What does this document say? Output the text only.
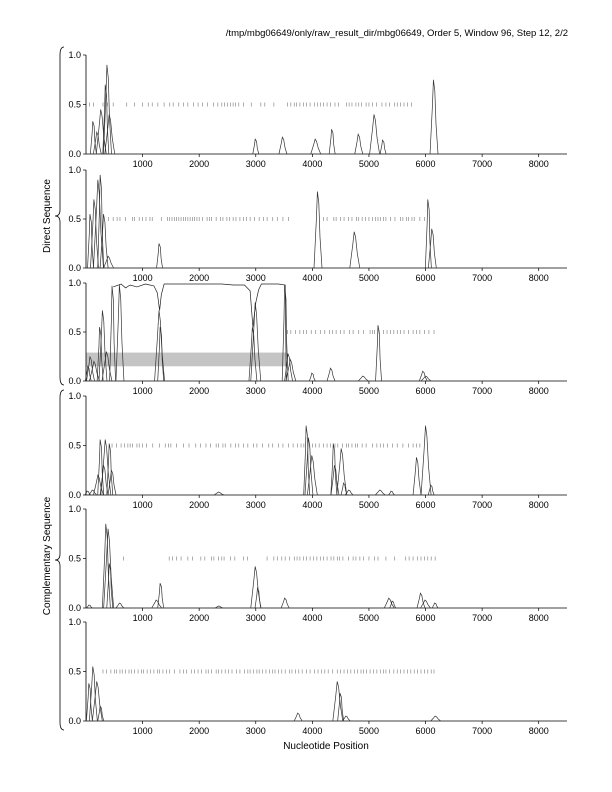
/tmp/mbg06649/only/raw_result_dir/mbg06649, Order 5, Window 96, Step 12, 2/2
0.0
0.5
1.0
1000	2000	3000	4000	5000	6000	7000	8000
0.0
0.5
1.0
1000	2000	3000	4000	5000	6000	7000	8000
0.0
0.5
1.0
1000	2000	3000	4000	5000	6000	7000	8000
0.0
0.5
1.0
1000	2000	3000	4000	5000	6000	7000	8000
0.0
0.5
1.0
1000	2000	3000	4000	5000	6000	7000	8000
0.0
0.5
1.0
1000	2000	3000	4000	5000	6000	7000	8000
Direct Sequence
Complementary Sequence
Nucleotide Position
